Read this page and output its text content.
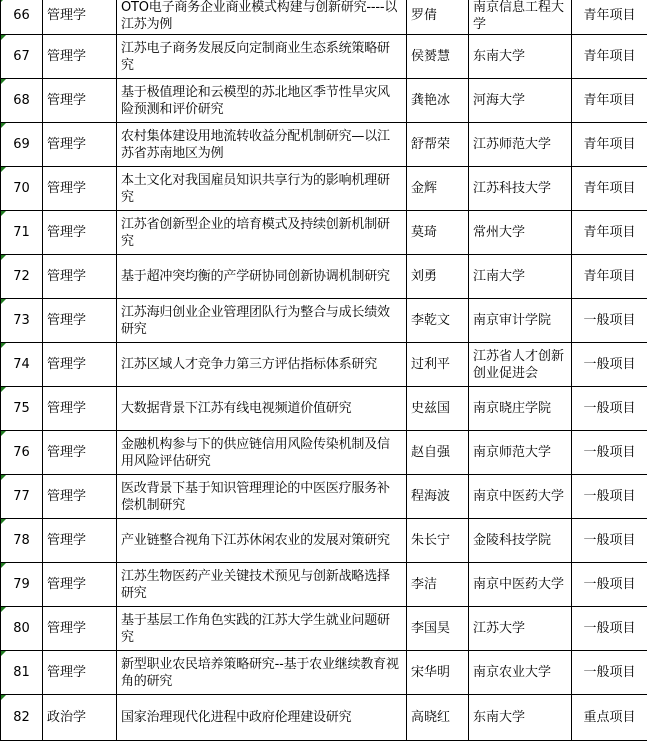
66	管理学	OTO电子商务企业商业模式构建与创新研究----以江苏为例	罗倩	南京信息工程大学	青年项目
67	管理学	江苏电子商务发展反向定制商业生态系统策略研究	侯赟慧	东南大学	青年项目
68	管理学	基于极值理论和云模型的苏北地区季节性旱灾风险预测和评价研究	龚艳冰	河海大学	青年项目
69	管理学	农村集体建设用地流转收益分配机制研究—以江苏省苏南地区为例	舒帮荣	江苏师范大学	青年项目
70	管理学	本土文化对我国雇员知识共享行为的影响机理研究	金辉	江苏科技大学	青年项目
71	管理学	江苏省创新型企业的培育模式及持续创新机制研究	莫琦	常州大学	青年项目
72	管理学	基于超冲突均衡的产学研协同创新协调机制研究	刘勇	江南大学	青年项目
73	管理学	江苏海归创业企业管理团队行为整合与成长绩效研究	李乾文	南京审计学院	一般项目
74	管理学	江苏区域人才竞争力第三方评估指标体系研究	过利平	江苏省人才创新创业促进会	一般项目
75	管理学	大数据背景下江苏有线电视频道价值研究	史兹国	南京晓庄学院	一般项目
76	管理学	金融机构参与下的供应链信用风险传染机制及信用风险评估研究	赵自强	南京师范大学	一般项目
77	管理学	医改背景下基于知识管理理论的中医医疗服务补偿机制研究	程海波	南京中医药大学	一般项目
78	管理学	产业链整合视角下江苏休闲农业的发展对策研究	朱长宁	金陵科技学院	一般项目
79	管理学	江苏生物医药产业关键技术预见与创新战略选择研究	李洁	南京中医药大学	一般项目
80	管理学	基于基层工作角色实践的江苏大学生就业问题研究	李国昊	江苏大学	一般项目
81	管理学	新型职业农民培养策略研究--基于农业继续教育视角的研究	宋华明	南京农业大学	一般项目
82	政治学	国家治理现代化进程中政府伦理建设研究	高晓红	东南大学	重点项目
